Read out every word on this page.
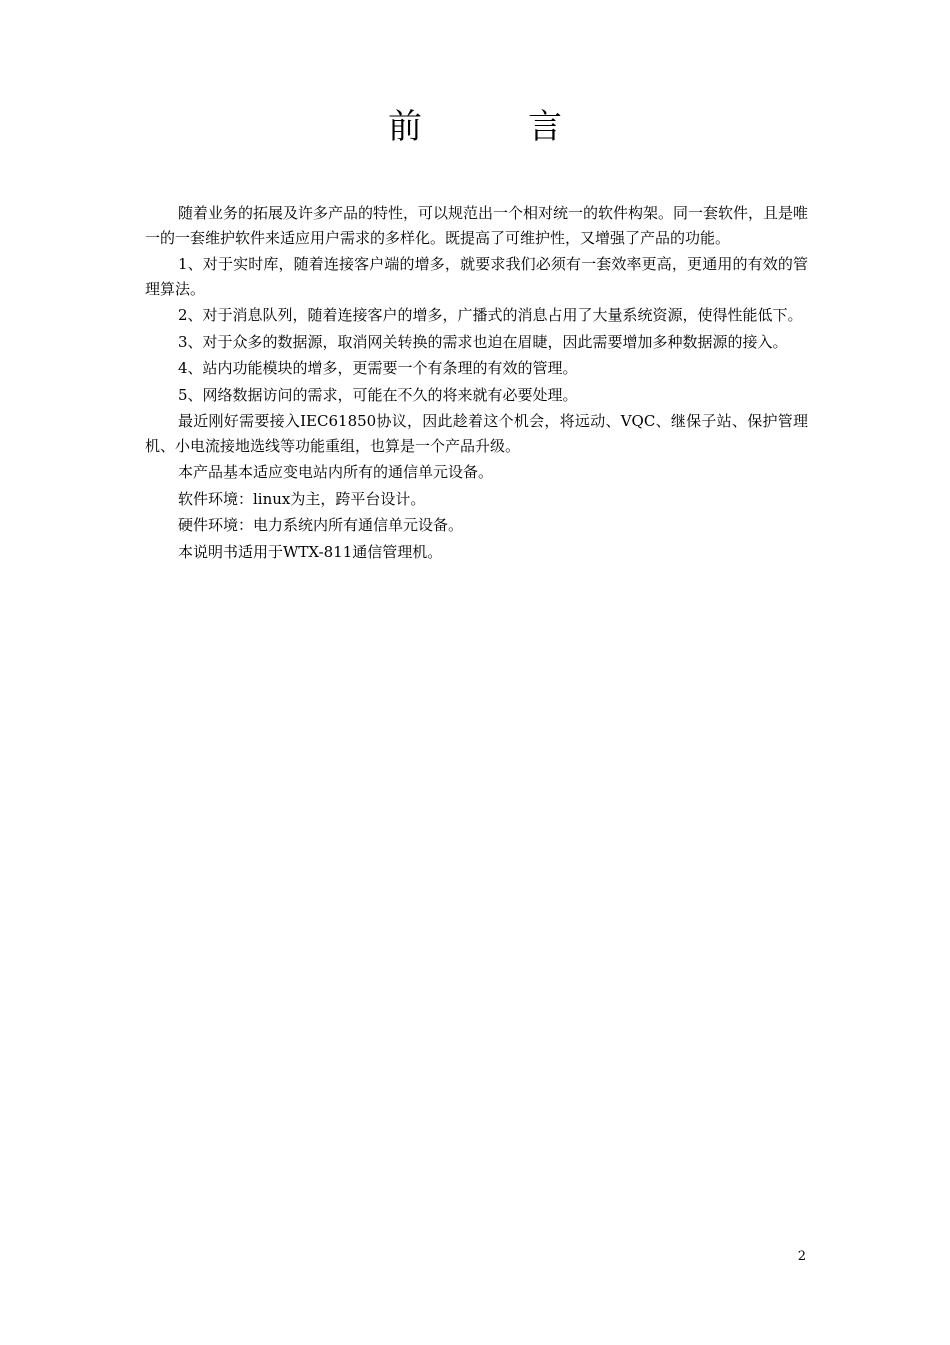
前　言

随着业务的拓展及许多产品的特性，可以规范出一个相对统一的软件构架。同一套软件，且是唯一的一套维护软件来适应用户需求的多样化。既提高了可维护性，又增强了产品的功能。

1、对于实时库，随着连接客户端的增多，就要求我们必须有一套效率更高，更通用的有效的管理算法。

2、对于消息队列，随着连接客户的增多，广播式的消息占用了大量系统资源，使得性能低下。

3、对于众多的数据源，取消网关转换的需求也迫在眉睫，因此需要增加多种数据源的接入。

4、站内功能模块的增多，更需要一个有条理的有效的管理。

5、网络数据访问的需求，可能在不久的将来就有必要处理。

最近刚好需要接入IEC61850协议，因此趁着这个机会，将远动、VQC、继保子站、保护管理机、小电流接地选线等功能重组，也算是一个产品升级。

本产品基本适应变电站内所有的通信单元设备。

软件环境：linux为主，跨平台设计。

硬件环境：电力系统内所有通信单元设备。

本说明书适用于WTX-811通信管理机。

2
